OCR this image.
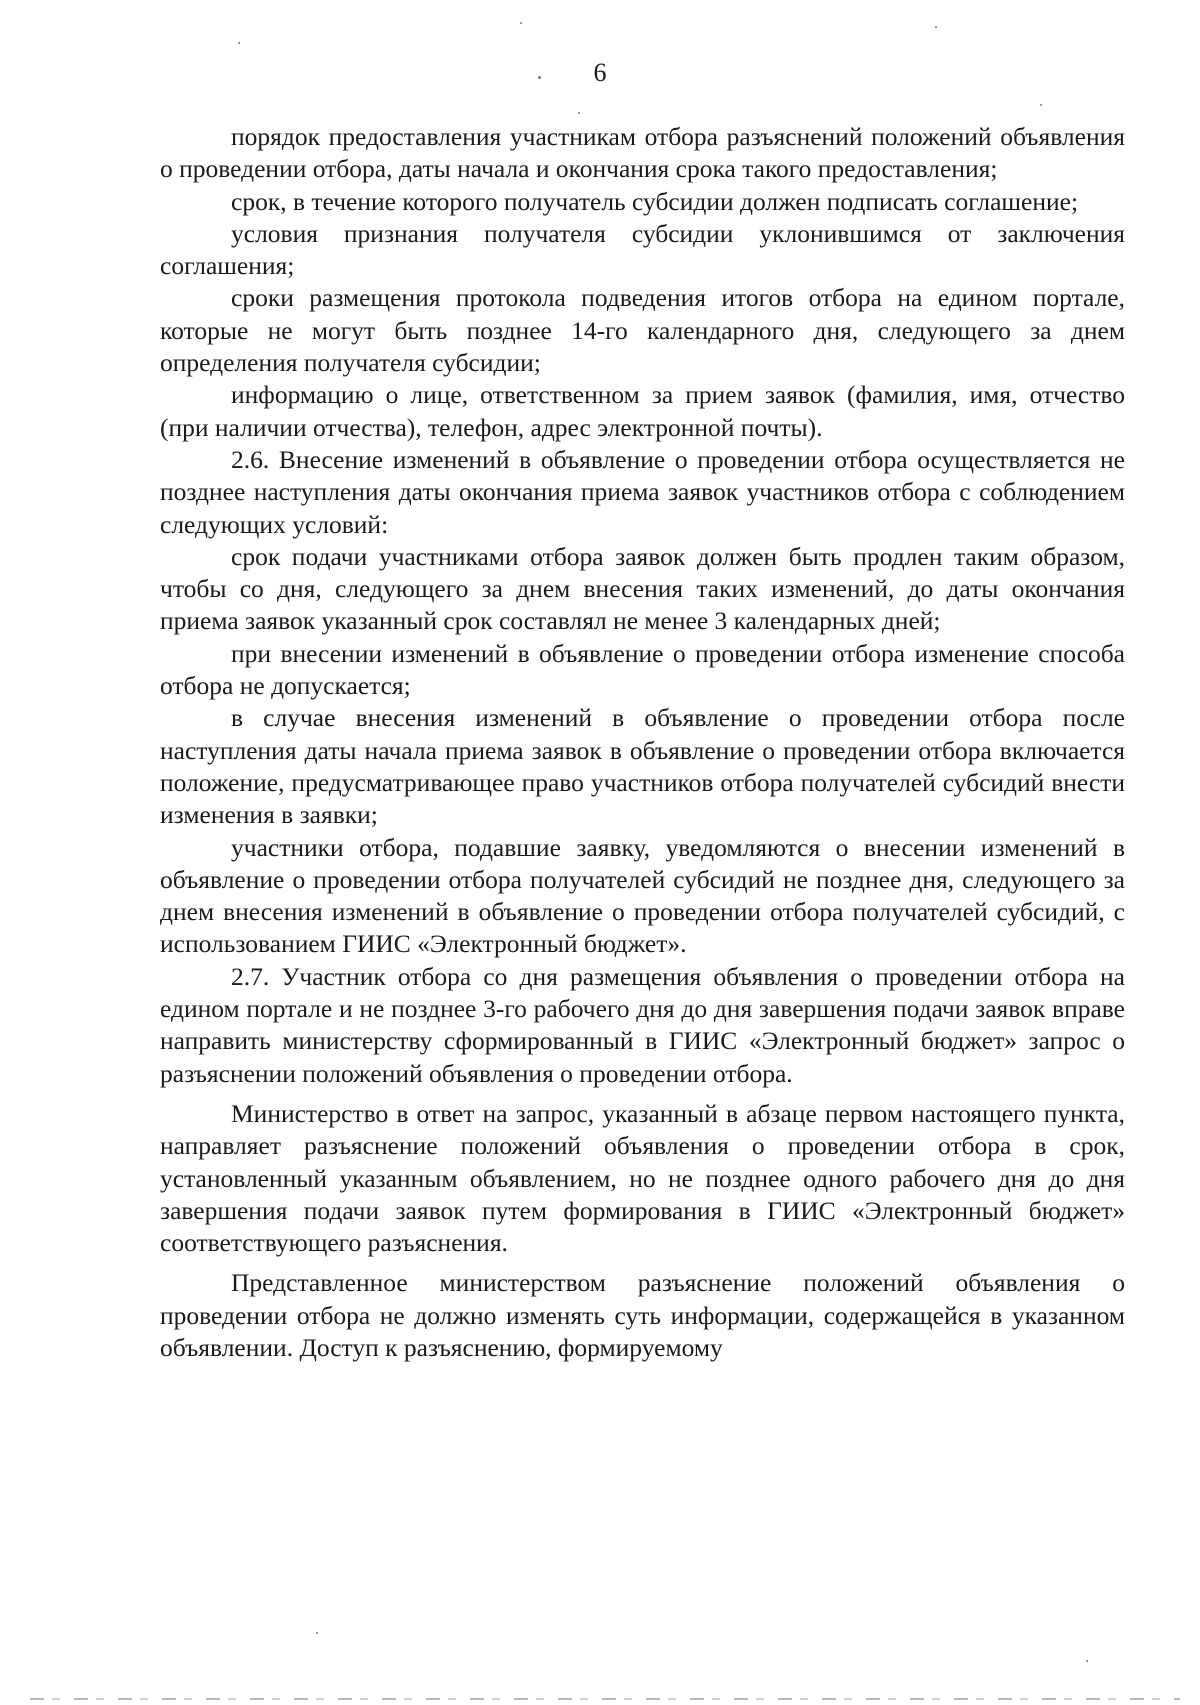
6

порядок предоставления участникам отбора разъяснений положений объявления о проведении отбора, даты начала и окончания срока такого предоставления;

срок, в течение которого получатель субсидии должен подписать соглашение;

условия признания получателя субсидии уклонившимся от заключения соглашения;

сроки размещения протокола подведения итогов отбора на едином портале, которые не могут быть позднее 14-го календарного дня, следующего за днем определения получателя субсидии;

информацию о лице, ответственном за прием заявок (фамилия, имя, отчество (при наличии отчества), телефон, адрес электронной почты).

2.6. Внесение изменений в объявление о проведении отбора осуществляется не позднее наступления даты окончания приема заявок участников отбора с соблюдением следующих условий:

срок подачи участниками отбора заявок должен быть продлен таким образом, чтобы со дня, следующего за днем внесения таких изменений, до даты окончания приема заявок указанный срок составлял не менее 3 календарных дней;

при внесении изменений в объявление о проведении отбора изменение способа отбора не допускается;

в случае внесения изменений в объявление о проведении отбора после наступления даты начала приема заявок в объявление о проведении отбора включается положение, предусматривающее право участников отбора получателей субсидий внести изменения в заявки;

участники отбора, подавшие заявку, уведомляются о внесении изменений в объявление о проведении отбора получателей субсидий не позднее дня, следующего за днем внесения изменений в объявление о проведении отбора получателей субсидий, с использованием ГИИС «Электронный бюджет».

2.7. Участник отбора со дня размещения объявления о проведении отбора на едином портале и не позднее 3-го рабочего дня до дня завершения подачи заявок вправе направить министерству сформированный в ГИИС «Электронный бюджет» запрос о разъяснении положений объявления о проведении отбора.

Министерство в ответ на запрос, указанный в абзаце первом настоящего пункта, направляет разъяснение положений объявления о проведении отбора в срок, установленный указанным объявлением, но не позднее одного рабочего дня до дня завершения подачи заявок путем формирования в ГИИС «Электронный бюджет» соответствующего разъяснения.

Представленное министерством разъяснение положений объявления о проведении отбора не должно изменять суть информации, содержащейся в указанном объявлении. Доступ к разъяснению, формируемому
